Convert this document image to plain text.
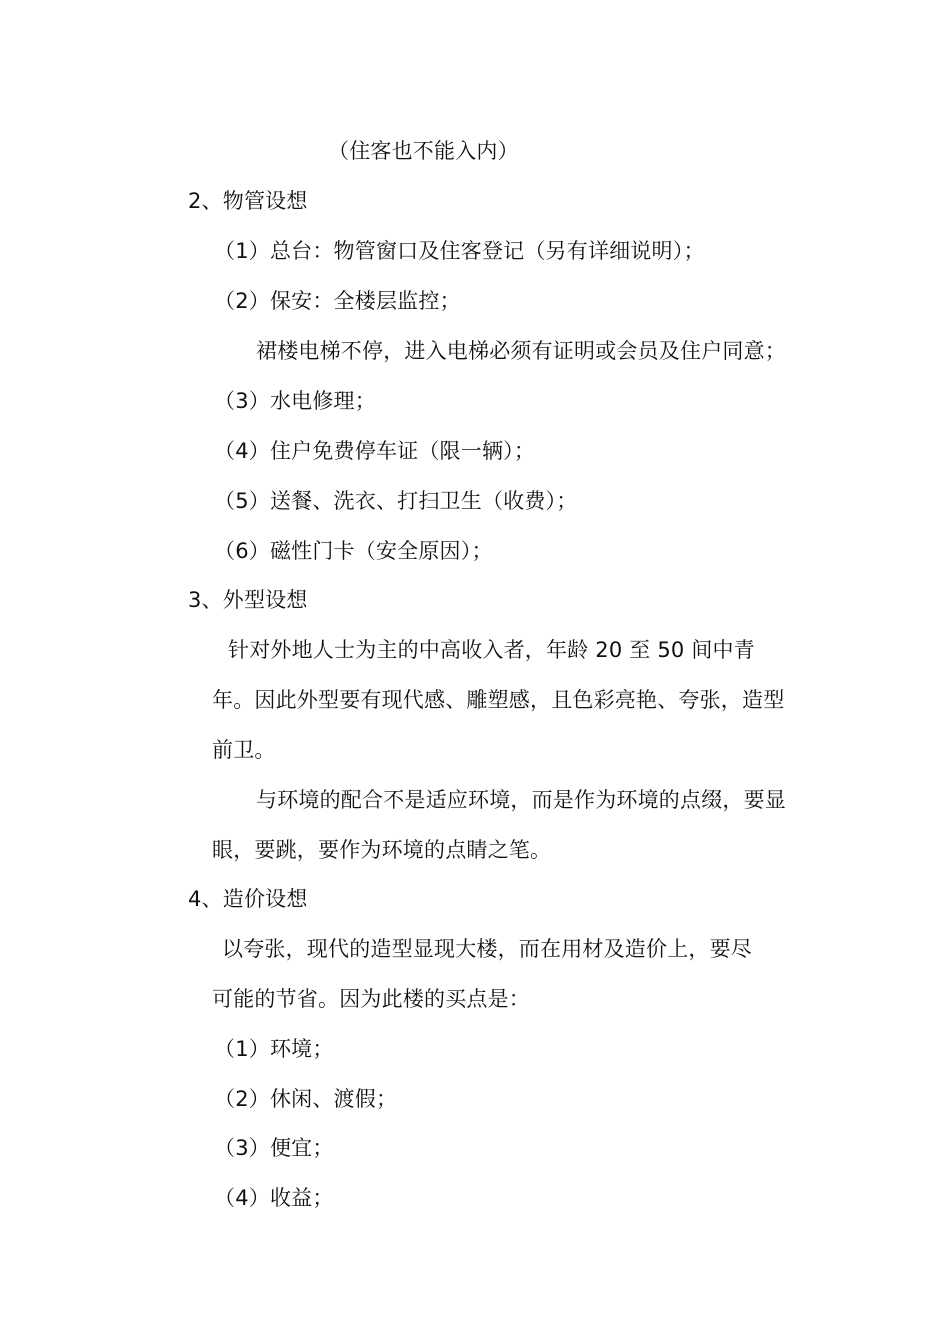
（住客也不能入内）
2、物管设想
（1）总台：物管窗口及住客登记（另有详细说明）；
（2）保安：全楼层监控；
裙楼电梯不停，进入电梯必须有证明或会员及住户同意；
（3）水电修理；
（4）住户免费停车证（限一辆）；
（5）送餐、洗衣、打扫卫生（收费）；
（6）磁性门卡（安全原因）；
3、外型设想
针对外地人士为主的中高收入者，年龄 20 至 50 间中青
年。因此外型要有现代感、雕塑感，且色彩亮艳、夸张，造型
前卫。
与环境的配合不是适应环境，而是作为环境的点缀，要显
眼，要跳，要作为环境的点睛之笔。
4、造价设想
以夸张，现代的造型显现大楼，而在用材及造价上，要尽
可能的节省。因为此楼的买点是：
（1）环境；
（2）休闲、渡假；
（3）便宜；
（4）收益；
